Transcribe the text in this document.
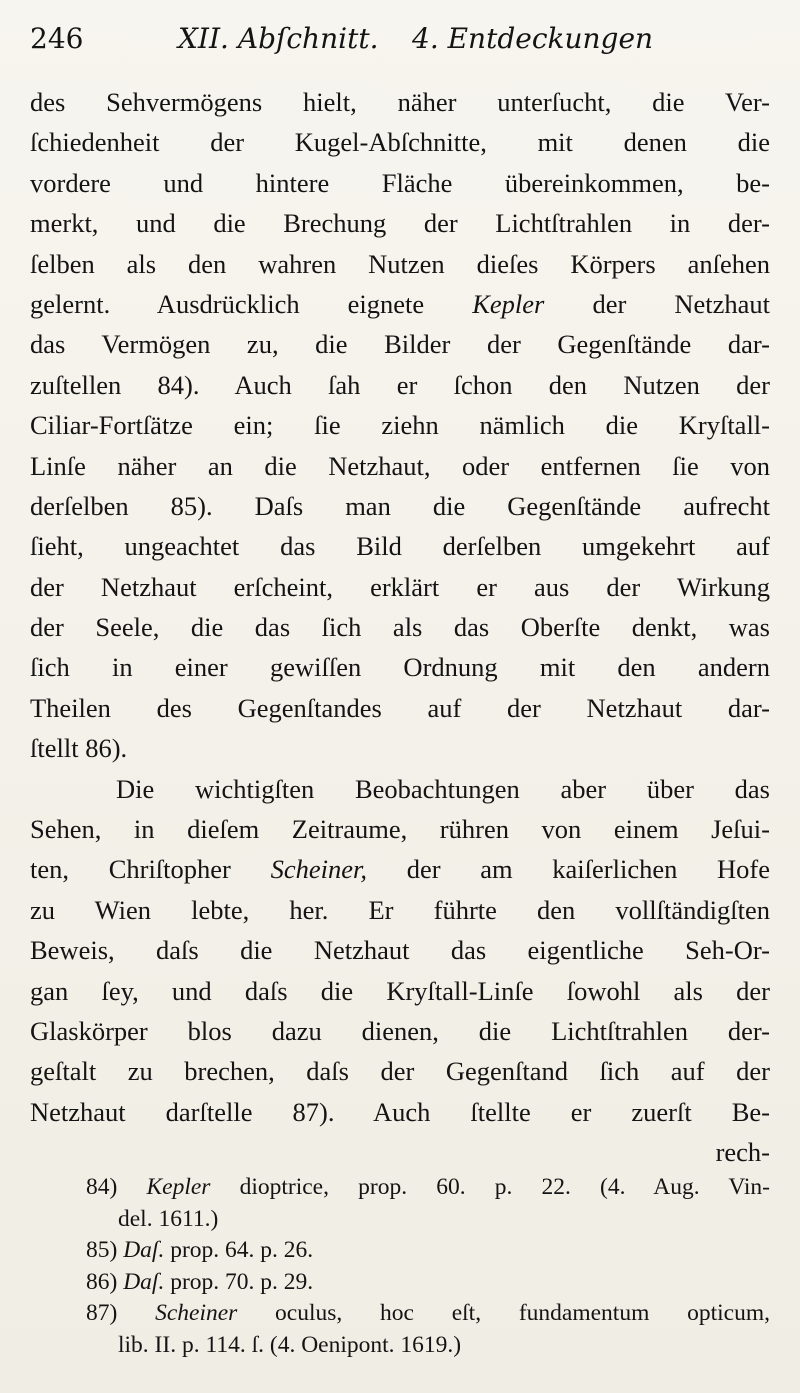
246	XII. Abſchnitt. 4. Entdeckungen
des Sehvermögens hielt, näher unterſucht, die Ver-
ſchiedenheit der Kugel-Abſchnitte, mit denen die
vordere und hintere Fläche übereinkommen, be-
merkt, und die Brechung der Lichtſtrahlen in der-
ſelben als den wahren Nutzen dieſes Körpers anſehen
gelernt. Ausdrücklich eignete Kepler der Netzhaut
das Vermögen zu, die Bilder der Gegenſtände dar-
zuſtellen 84). Auch ſah er ſchon den Nutzen der
Ciliar-Fortſätze ein; ſie ziehn nämlich die Kryſtall-
Linſe näher an die Netzhaut, oder entfernen ſie von
derſelben 85). Daſs man die Gegenſtände aufrecht
ſieht, ungeachtet das Bild derſelben umgekehrt auf
der Netzhaut erſcheint, erklärt er aus der Wirkung
der Seele, die das ſich als das Oberſte denkt, was
ſich in einer gewiſſen Ordnung mit den andern
Theilen des Gegenſtandes auf der Netzhaut dar-
ſtellt 86).
Die wichtigſten Beobachtungen aber über das
Sehen, in dieſem Zeitraume, rühren von einem Jeſui-
ten, Chriſtopher Scheiner, der am kaiſerlichen Hofe
zu Wien lebte, her. Er führte den vollſtändigſten
Beweis, daſs die Netzhaut das eigentliche Seh-Or-
gan ſey, und daſs die Kryſtall-Linſe ſowohl als der
Glaskörper blos dazu dienen, die Lichtſtrahlen der-
geſtalt zu brechen, daſs der Gegenſtand ſich auf der
Netzhaut darſtelle 87). Auch ſtellte er zuerſt Be-
rech-
84) Kepler dioptrice, prop. 60. p. 22. (4. Aug. Vin-
del. 1611.)
85) Daſ. prop. 64. p. 26.
86) Daſ. prop. 70. p. 29.
87) Scheiner oculus, hoc eſt, fundamentum opticum,
lib. II. p. 114. ſ. (4. Oenipont. 1619.)
